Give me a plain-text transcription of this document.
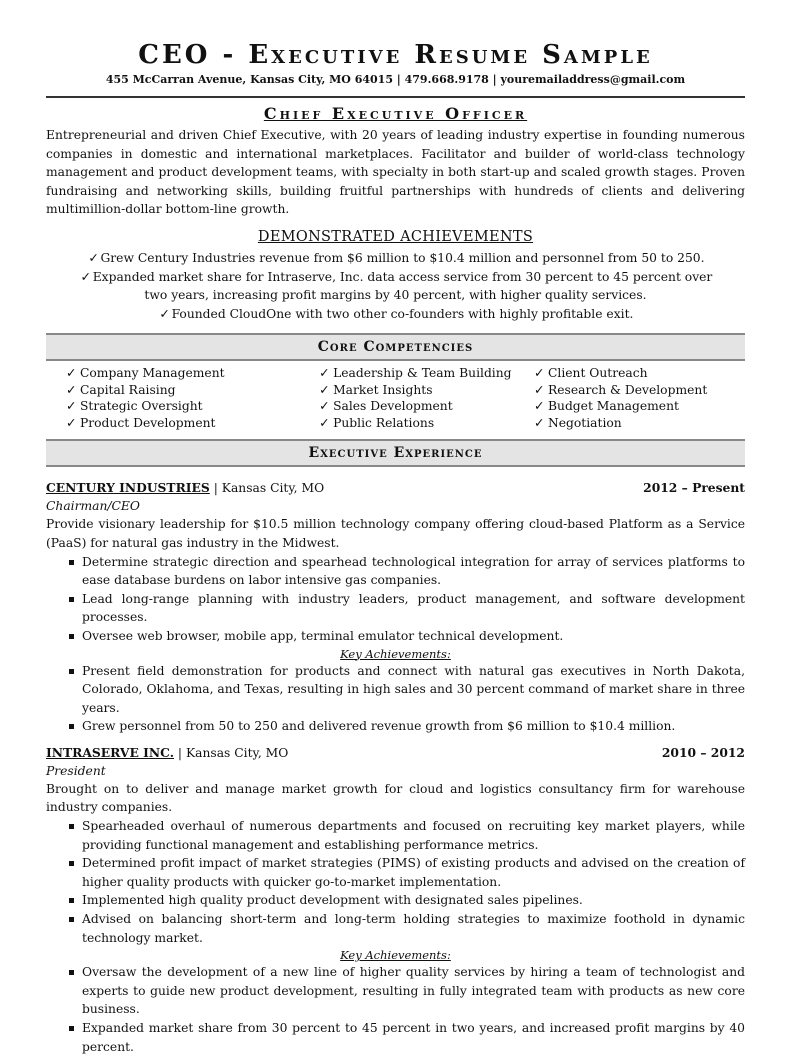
CEO - Executive Resume Sample
455 McCarran Avenue, Kansas City, MO 64015 | 479.668.9178 | youremailaddress@gmail.com
Chief Executive Officer
Entrepreneurial and driven Chief Executive, with 20 years of leading industry expertise in founding numerous companies in domestic and international marketplaces. Facilitator and builder of world-class technology management and product development teams, with specialty in both start-up and scaled growth stages. Proven fundraising and networking skills, building fruitful partnerships with hundreds of clients and delivering multimillion-dollar bottom-line growth.
DEMONSTRATED ACHIEVEMENTS
✓ Grew Century Industries revenue from $6 million to $10.4 million and personnel from 50 to 250.
✓ Expanded market share for Intraserve, Inc. data access service from 30 percent to 45 percent over two years, increasing profit margins by 40 percent, with higher quality services.
✓ Founded CloudOne with two other co-founders with highly profitable exit.
Core Competencies
✓ Company Management
✓ Capital Raising
✓ Strategic Oversight
✓ Product Development
✓ Leadership & Team Building
✓ Market Insights
✓ Sales Development
✓ Public Relations
✓ Client Outreach
✓ Research & Development
✓ Budget Management
✓ Negotiation
Executive Experience
CENTURY INDUSTRIES | Kansas City, MO	2012 – Present
Chairman/CEO
Provide visionary leadership for $10.5 million technology company offering cloud-based Platform as a Service (PaaS) for natural gas industry in the Midwest.
Determine strategic direction and spearhead technological integration for array of services platforms to ease database burdens on labor intensive gas companies.
Lead long-range planning with industry leaders, product management, and software development processes.
Oversee web browser, mobile app, terminal emulator technical development.
Key Achievements:
Present field demonstration for products and connect with natural gas executives in North Dakota, Colorado, Oklahoma, and Texas, resulting in high sales and 30 percent command of market share in three years.
Grew personnel from 50 to 250 and delivered revenue growth from $6 million to $10.4 million.
INTRASERVE INC. | Kansas City, MO	2010 – 2012
President
Brought on to deliver and manage market growth for cloud and logistics consultancy firm for warehouse industry companies.
Spearheaded overhaul of numerous departments and focused on recruiting key market players, while providing functional management and establishing performance metrics.
Determined profit impact of market strategies (PIMS) of existing products and advised on the creation of higher quality products with quicker go-to-market implementation.
Implemented high quality product development with designated sales pipelines.
Advised on balancing short-term and long-term holding strategies to maximize foothold in dynamic technology market.
Key Achievements:
Oversaw the development of a new line of higher quality services by hiring a team of technologist and experts to guide new product development, resulting in fully integrated team with products as new core business.
Expanded market share from 30 percent to 45 percent in two years, and increased profit margins by 40 percent.
